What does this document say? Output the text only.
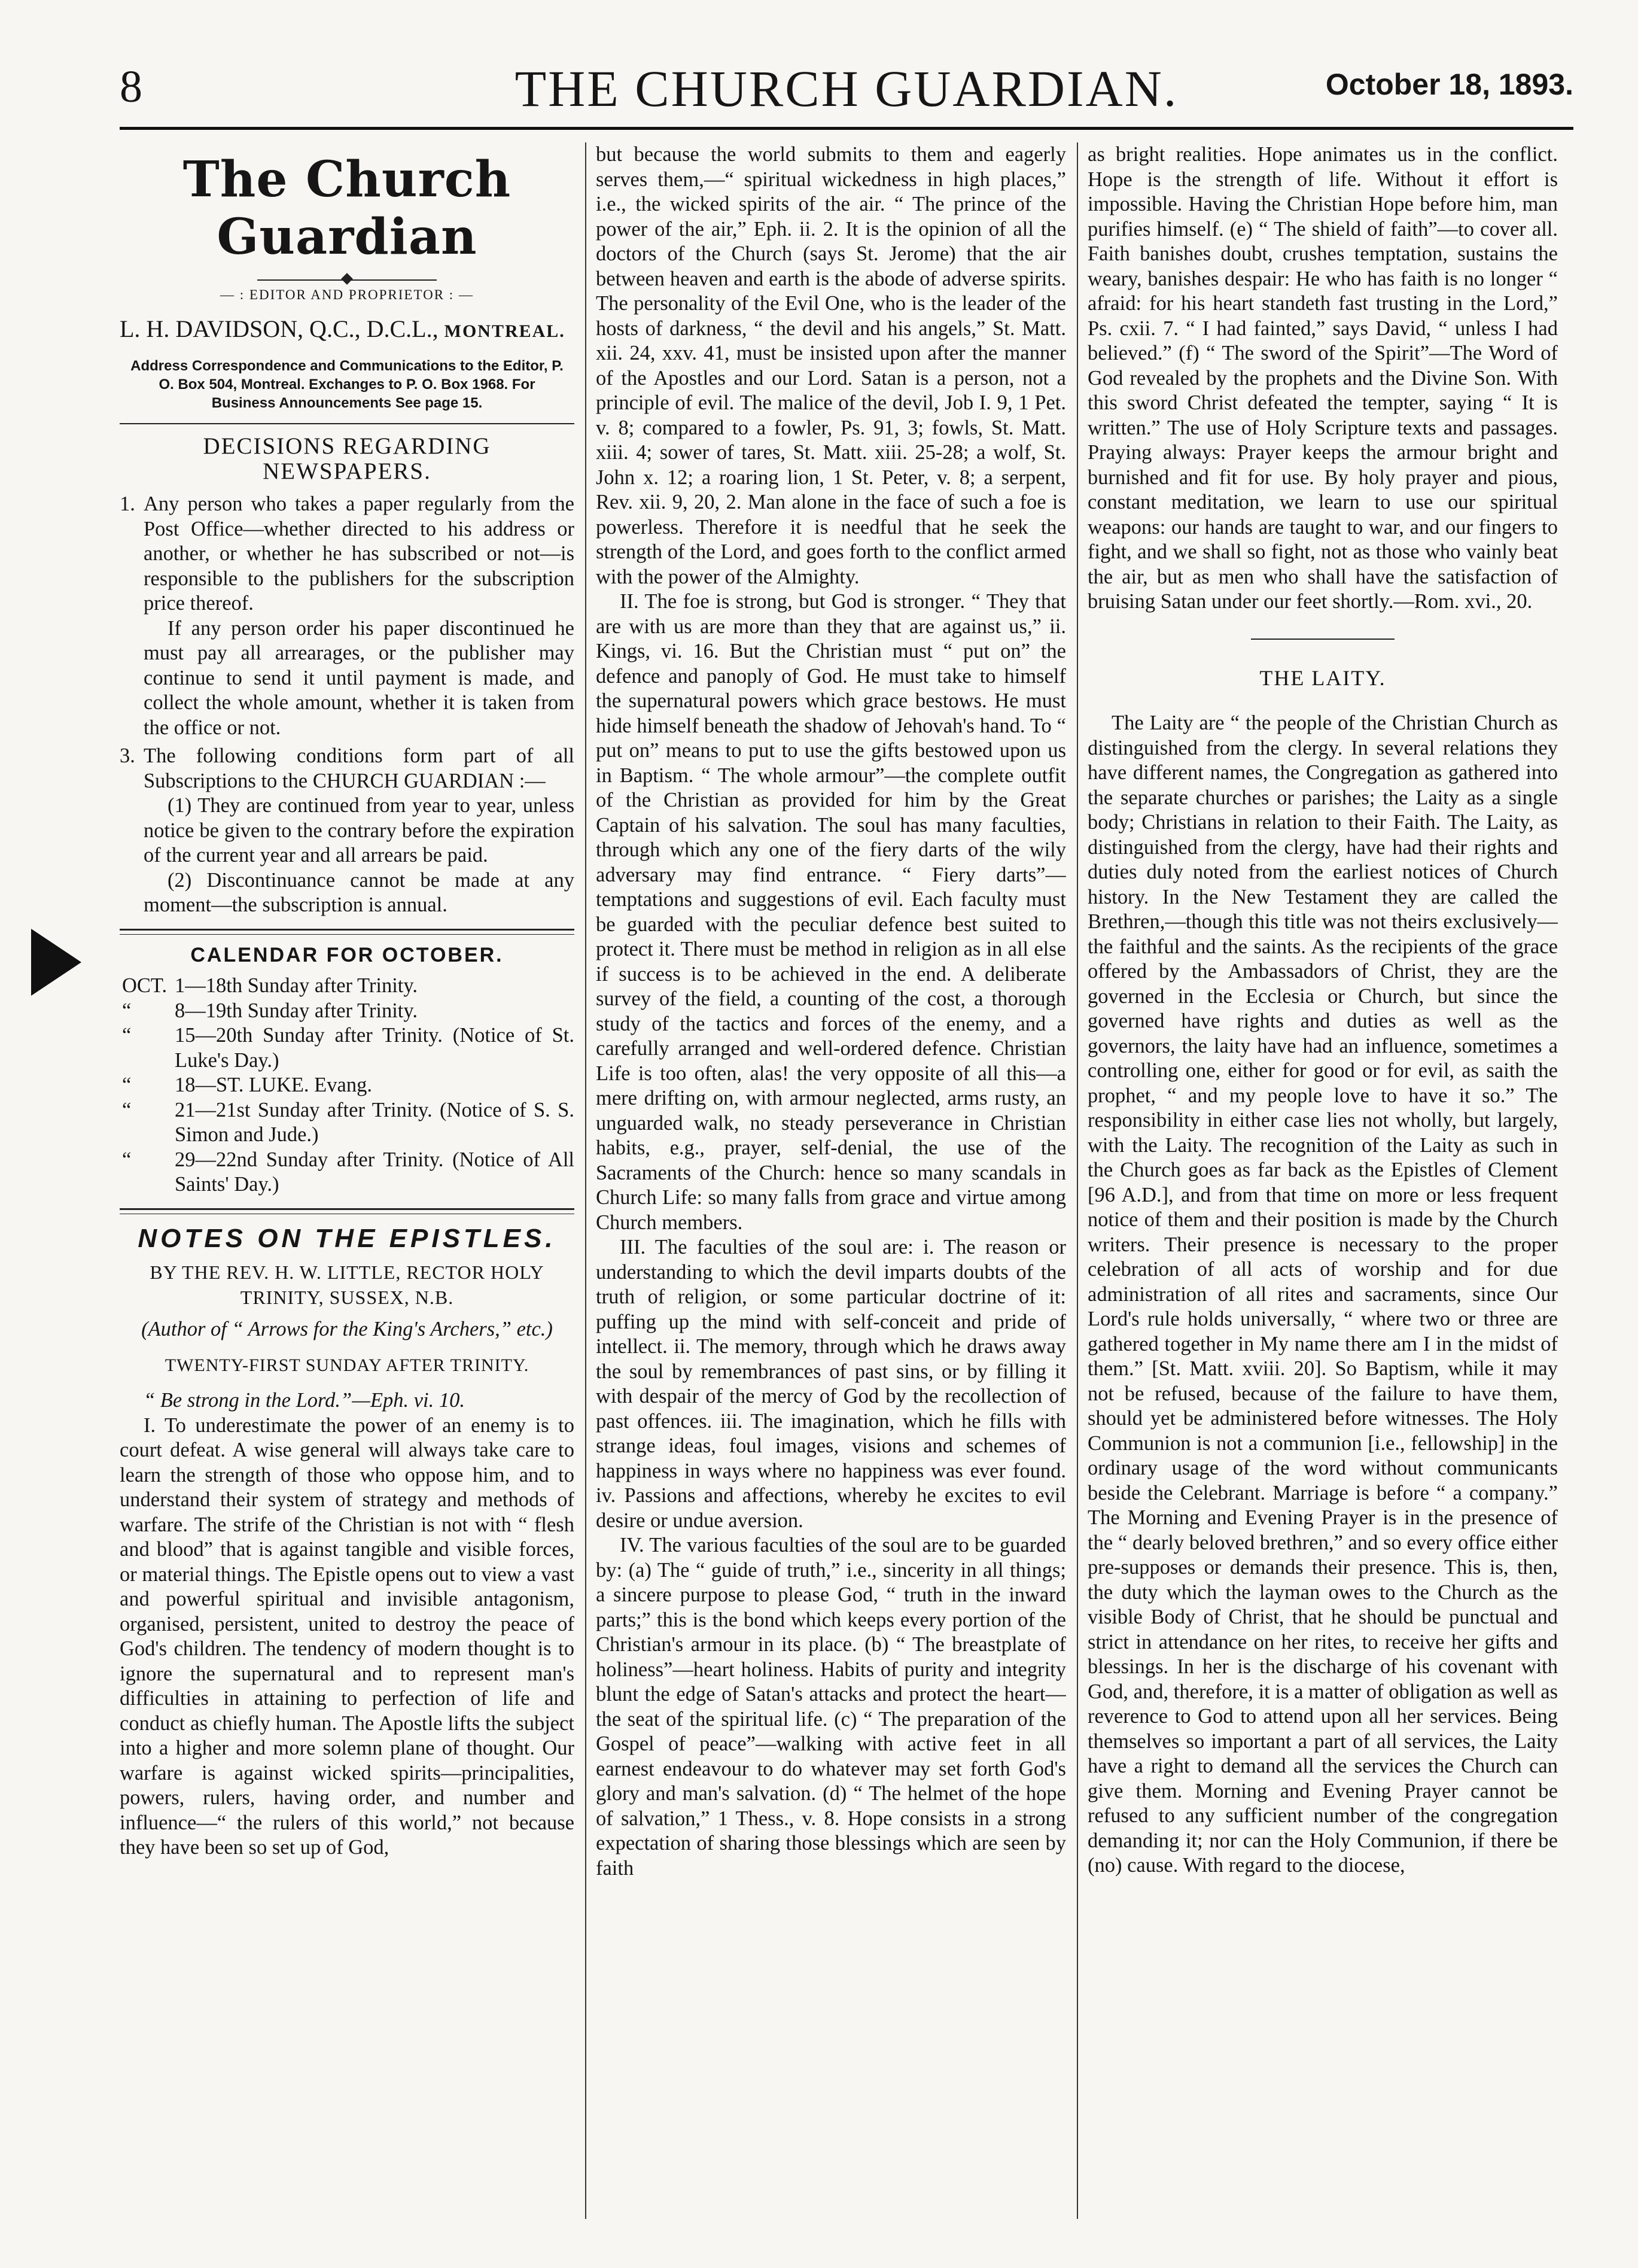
8	THE CHURCH GUARDIAN.	October 18, 1893.
The Church Guardian
— : EDITOR AND PROPRIETOR : —
L. H. DAVIDSON, Q.C., D.C.L., MONTREAL.
Address Correspondence and Communications to the Editor, P. O. Box 504, Montreal. Exchanges to P. O. Box 1968. For Business Announcements See page 15.
DECISIONS REGARDING NEWSPAPERS.
1. Any person who takes a paper regularly from the Post Office—whether directed to his address or another, or whether he has subscribed or not—is responsible to the publishers for the subscription price thereof.

If any person order his paper discontinued he must pay all arrearages, or the publisher may continue to send it until payment is made, and collect the whole amount, whether it is taken from the office or not.

3. The following conditions form part of all Subscriptions to the CHURCH GUARDIAN :—

(1) They are continued from year to year, unless notice be given to the contrary before the expiration of the current year and all arrears be paid.

(2) Discontinuance cannot be made at any moment—the subscription is annual.

CALENDAR FOR OCTOBER.
OCT. 1—18th Sunday after Trinity.
“ 8—19th Sunday after Trinity.
“ 15—20th Sunday after Trinity. (Notice of St. Luke's Day.)
“ 18—ST. LUKE. Evang.
“ 21—21st Sunday after Trinity. (Notice of S. S. Simon and Jude.)
“ 29—22nd Sunday after Trinity. (Notice of All Saints' Day.)
NOTES ON THE EPISTLES.
BY THE REV. H. W. LITTLE, RECTOR HOLY TRINITY, SUSSEX, N.B.

(Author of “ Arrows for the King's Archers,” etc.)

TWENTY-FIRST SUNDAY AFTER TRINITY.

“ Be strong in the Lord.”—Eph. vi. 10.

I. To underestimate the power of an enemy is to court defeat. A wise general will always take care to learn the strength of those who oppose him, and to understand their system of strategy and methods of warfare. The strife of the Christian is not with “ flesh and blood” that is against tangible and visible forces, or material things. The Epistle opens out to view a vast and powerful spiritual and invisible antagonism, organised, persistent, united to destroy the peace of God's children. The tendency of modern thought is to ignore the supernatural and to represent man's difficulties in attaining to perfection of life and conduct as chiefly human. The Apostle lifts the subject into a higher and more solemn plane of thought. Our warfare is against wicked spirits—principalities, powers, rulers, having order, and number and influence—“ the rulers of this world,” not because they have been so set up of God,

but because the world submits to them and eagerly serves them,—“ spiritual wickedness in high places,” i.e., the wicked spirits of the air. “ The prince of the power of the air,” Eph. ii. 2. It is the opinion of all the doctors of the Church (says St. Jerome) that the air between heaven and earth is the abode of adverse spirits. The personality of the Evil One, who is the leader of the hosts of darkness, “ the devil and his angels,” St. Matt. xii. 24, xxv. 41, must be insisted upon after the manner of the Apostles and our Lord. Satan is a person, not a principle of evil. The malice of the devil, Job I. 9, 1 Pet. v. 8; compared to a fowler, Ps. 91, 3; fowls, St. Matt. xiii. 4; sower of tares, St. Matt. xiii. 25-28; a wolf, St. John x. 12; a roaring lion, 1 St. Peter, v. 8; a serpent, Rev. xii. 9, 20, 2. Man alone in the face of such a foe is powerless. Therefore it is needful that he seek the strength of the Lord, and goes forth to the conflict armed with the power of the Almighty.

II. The foe is strong, but God is stronger. “ They that are with us are more than they that are against us,” ii. Kings, vi. 16. But the Christian must “ put on” the defence and panoply of God. He must take to himself the supernatural powers which grace bestows. He must hide himself beneath the shadow of Jehovah's hand. To “ put on” means to put to use the gifts bestowed upon us in Baptism. “ The whole armour”—the complete outfit of the Christian as provided for him by the Great Captain of his salvation. The soul has many faculties, through which any one of the fiery darts of the wily adversary may find entrance. “ Fiery darts”—temptations and suggestions of evil. Each faculty must be guarded with the peculiar defence best suited to protect it. There must be method in religion as in all else if success is to be achieved in the end. A deliberate survey of the field, a counting of the cost, a thorough study of the tactics and forces of the enemy, and a carefully arranged and well-ordered defence. Christian Life is too often, alas! the very opposite of all this—a mere drifting on, with armour neglected, arms rusty, an unguarded walk, no steady perseverance in Christian habits, e.g., prayer, self-denial, the use of the Sacraments of the Church: hence so many scandals in Church Life: so many falls from grace and virtue among Church members.

III. The faculties of the soul are: i. The reason or understanding to which the devil imparts doubts of the truth of religion, or some particular doctrine of it: puffing up the mind with self-conceit and pride of intellect. ii. The memory, through which he draws away the soul by remembrances of past sins, or by filling it with despair of the mercy of God by the recollection of past offences. iii. The imagination, which he fills with strange ideas, foul images, visions and schemes of happiness in ways where no happiness was ever found. iv. Passions and affections, whereby he excites to evil desire or undue aversion.

IV. The various faculties of the soul are to be guarded by: (a) The “ guide of truth,” i.e., sincerity in all things; a sincere purpose to please God, “ truth in the inward parts;” this is the bond which keeps every portion of the Christian's armour in its place. (b) “ The breastplate of holiness”—heart holiness. Habits of purity and integrity blunt the edge of Satan's attacks and protect the heart—the seat of the spiritual life. (c) “ The preparation of the Gospel of peace”—walking with active feet in all earnest endeavour to do whatever may set forth God's glory and man's salvation. (d) “ The helmet of the hope of salvation,” 1 Thess., v. 8. Hope consists in a strong expectation of sharing those blessings which are seen by faith

as bright realities. Hope animates us in the conflict. Hope is the strength of life. Without it effort is impossible. Having the Christian Hope before him, man purifies himself. (e) “ The shield of faith”—to cover all. Faith banishes doubt, crushes temptation, sustains the weary, banishes despair: He who has faith is no longer “ afraid: for his heart standeth fast trusting in the Lord,” Ps. cxii. 7. “ I had fainted,” says David, “ unless I had believed.” (f) “ The sword of the Spirit”—The Word of God revealed by the prophets and the Divine Son. With this sword Christ defeated the tempter, saying “ It is written.” The use of Holy Scripture texts and passages. Praying always: Prayer keeps the armour bright and burnished and fit for use. By holy prayer and pious, constant meditation, we learn to use our spiritual weapons: our hands are taught to war, and our fingers to fight, and we shall so fight, not as those who vainly beat the air, but as men who shall have the satisfaction of bruising Satan under our feet shortly.—Rom. xvi., 20.

THE LAITY.

The Laity are “ the people of the Christian Church as distinguished from the clergy. In several relations they have different names, the Congregation as gathered into the separate churches or parishes; the Laity as a single body; Christians in relation to their Faith. The Laity, as distinguished from the clergy, have had their rights and duties duly noted from the earliest notices of Church history. In the New Testament they are called the Brethren,—though this title was not theirs exclusively—the faithful and the saints. As the recipients of the grace offered by the Ambassadors of Christ, they are the governed in the Ecclesia or Church, but since the governed have rights and duties as well as the governors, the laity have had an influence, sometimes a controlling one, either for good or for evil, as saith the prophet, “ and my people love to have it so.” The responsibility in either case lies not wholly, but largely, with the Laity. The recognition of the Laity as such in the Church goes as far back as the Epistles of Clement [96 A.D.], and from that time on more or less frequent notice of them and their position is made by the Church writers. Their presence is necessary to the proper celebration of all acts of worship and for due administration of all rites and sacraments, since Our Lord's rule holds universally, “ where two or three are gathered together in My name there am I in the midst of them.” [St. Matt. xviii. 20]. So Baptism, while it may not be refused, because of the failure to have them, should yet be administered before witnesses. The Holy Communion is not a communion [i.e., fellowship] in the ordinary usage of the word without communicants beside the Celebrant. Marriage is before “ a company.” The Morning and Evening Prayer is in the presence of the “ dearly beloved brethren,” and so every office either pre-supposes or demands their presence. This is, then, the duty which the layman owes to the Church as the visible Body of Christ, that he should be punctual and strict in attendance on her rites, to receive her gifts and blessings. In her is the discharge of his covenant with God, and, therefore, it is a matter of obligation as well as reverence to God to attend upon all her services. Being themselves so important a part of all services, the Laity have a right to demand all the services the Church can give them. Morning and Evening Prayer cannot be refused to any sufficient number of the congregation demanding it; nor can the Holy Communion, if there be (no) cause. With regard to the diocese,
